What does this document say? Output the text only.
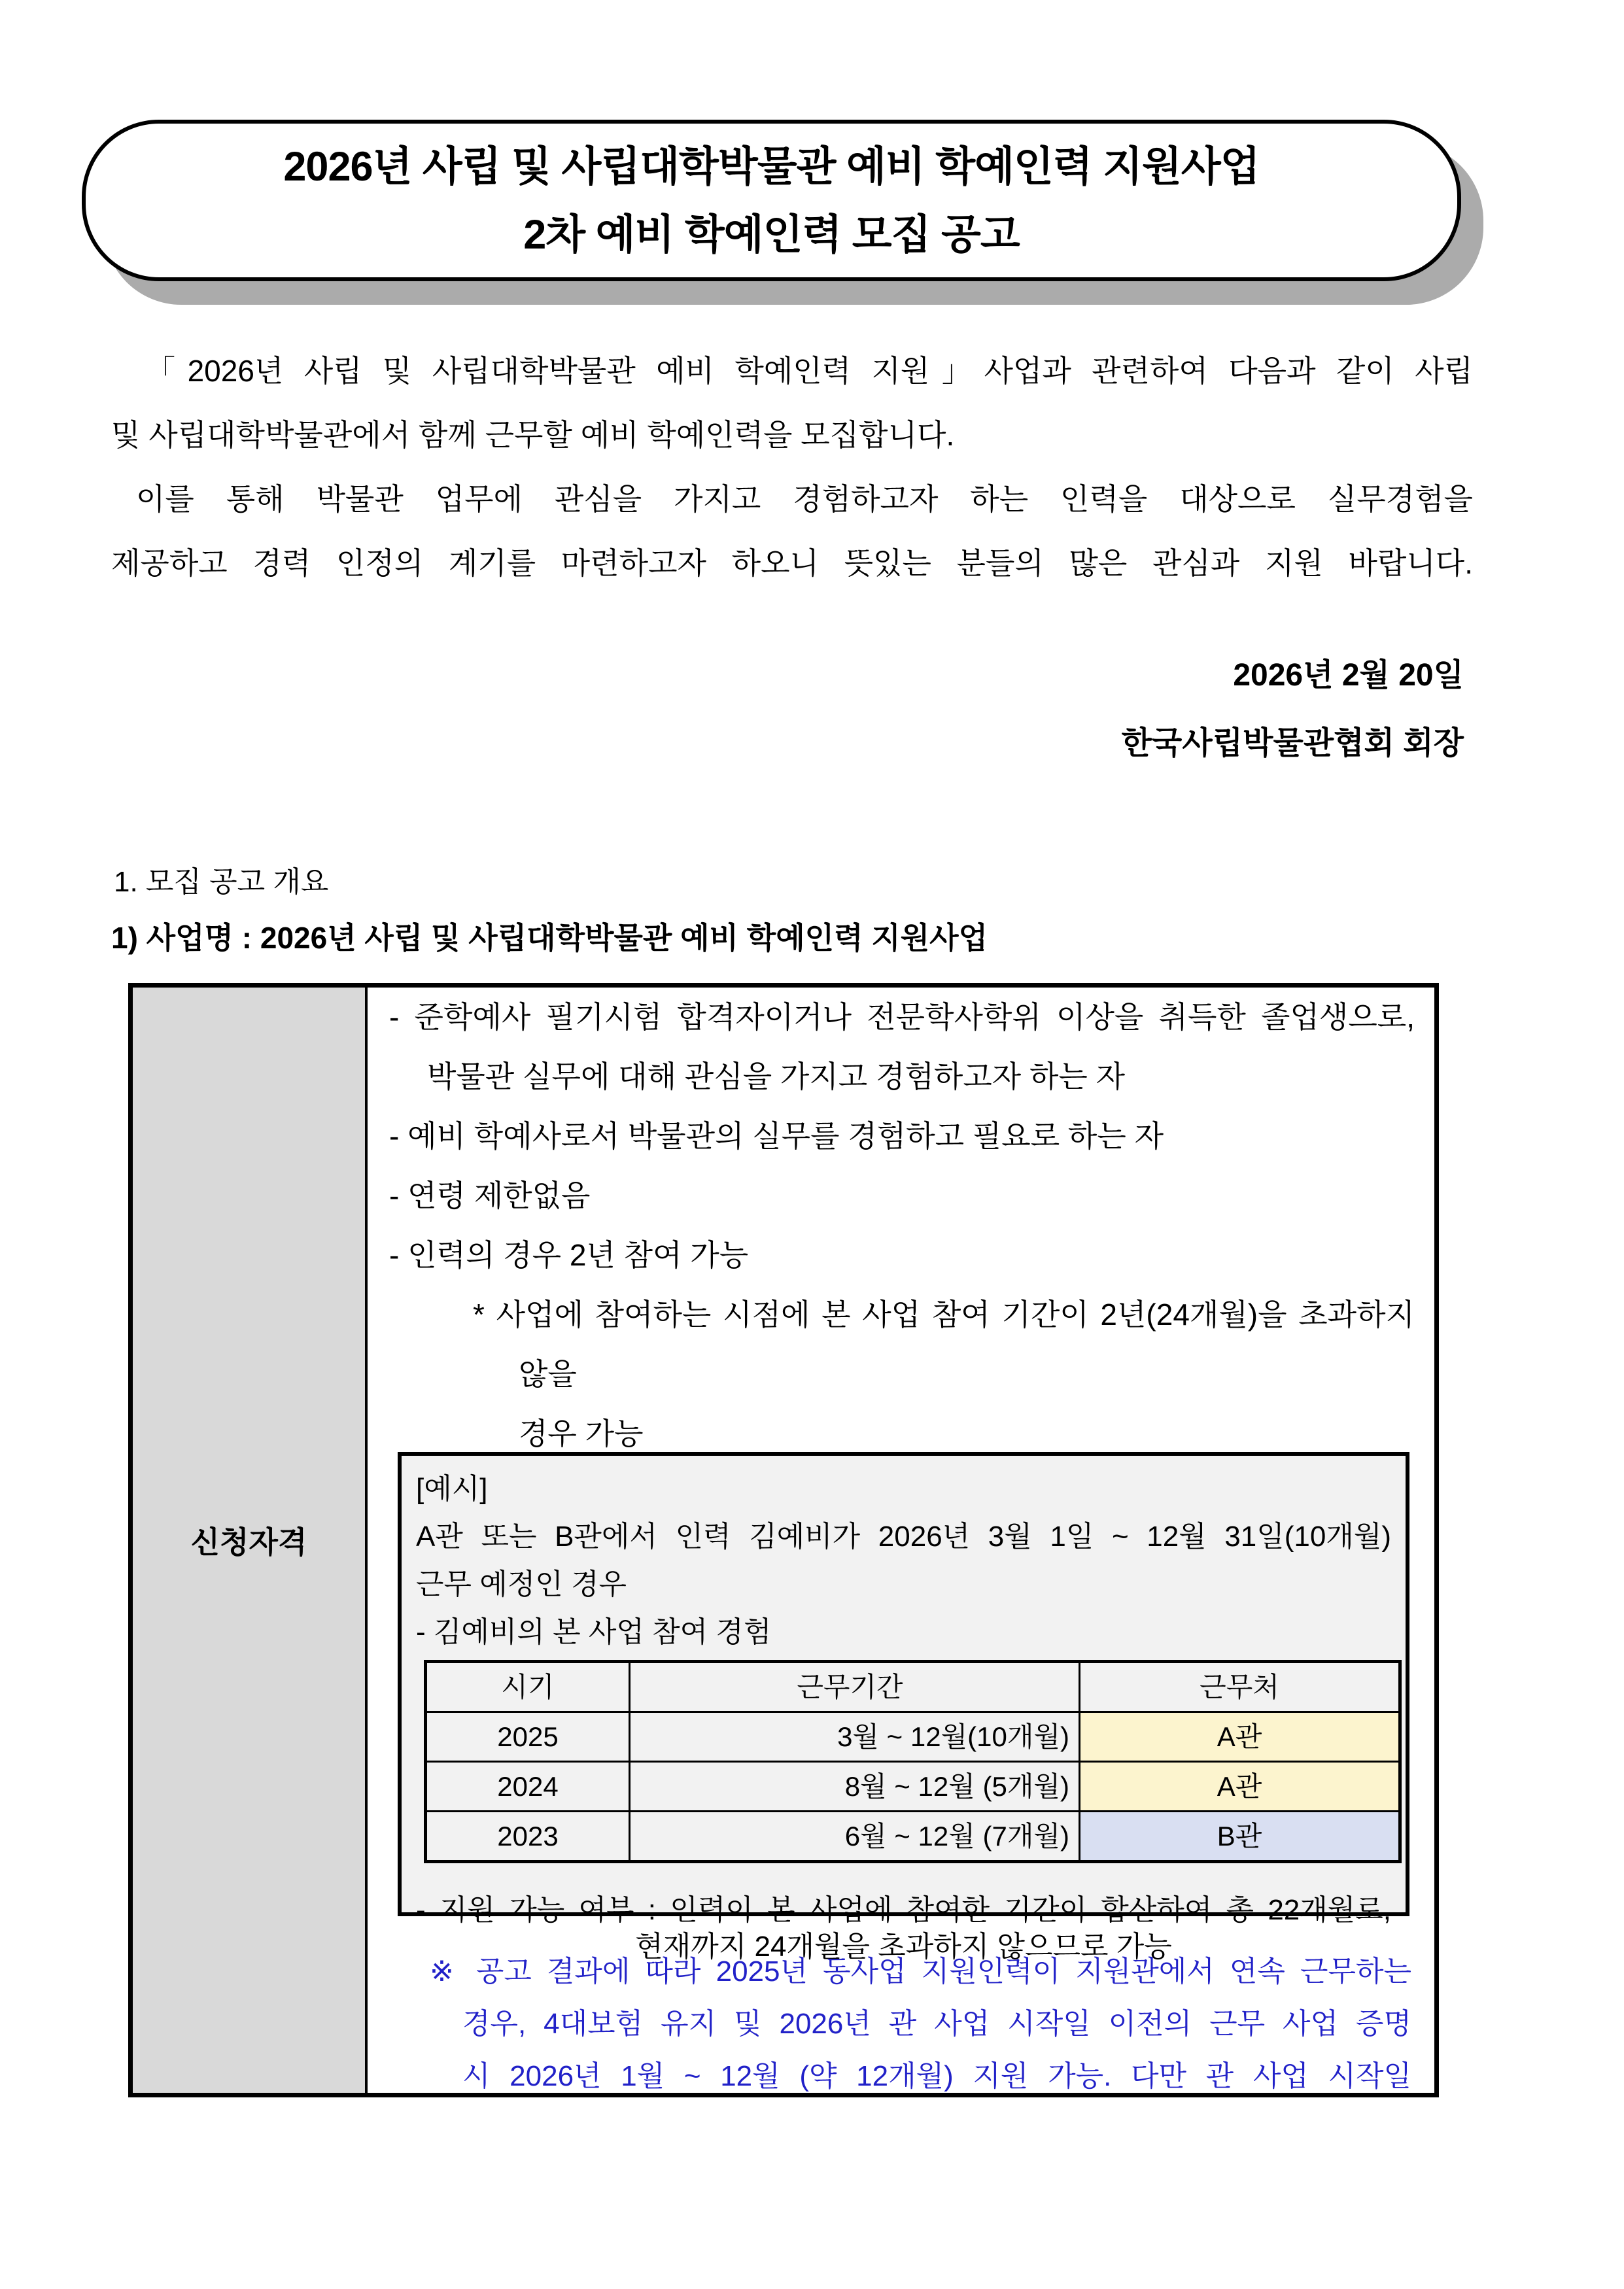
2026년 사립 및 사립대학박물관 예비 학예인력 지원사업
2차 예비 학예인력 모집 공고
「2026년 사립 및 사립대학박물관 예비 학예인력 지원」사업과 관련하여 다음과 같이 사립
및 사립대학박물관에서 함께 근무할 예비 학예인력을 모집합니다.
이를 통해 박물관 업무에 관심을 가지고 경험하고자 하는 인력을 대상으로 실무경험을
제공하고 경력 인정의 계기를 마련하고자 하오니 뜻있는 분들의 많은 관심과 지원 바랍니다.
2026년 2월 20일
한국사립박물관협회 회장
1. 모집 공고 개요
1) 사업명 : 2026년 사립 및 사립대학박물관 예비 학예인력 지원사업
신청자격
- 준학예사 필기시험 합격자이거나 전문학사학위 이상을 취득한 졸업생으로,
박물관 실무에 대해 관심을 가지고 경험하고자 하는 자
- 예비 학예사로서 박물관의 실무를 경험하고 필요로 하는 자
- 연령 제한없음
- 인력의 경우 2년 참여 가능
* 사업에 참여하는 시점에 본 사업 참여 기간이 2년(24개월)을 초과하지 않을
경우 가능
[예시]
A관 또는 B관에서 인력 김예비가 2026년 3월 1일 ~ 12월 31일(10개월)
근무 예정인 경우
- 김예비의 본 사업 참여 경험
시기	근무기간	근무처
2025	3월 ~ 12월(10개월)	A관
2024	8월 ~ 12월 (5개월)	A관
2023	6월 ~ 12월 (7개월)	B관
- 지원 가능 여부 : 인력이 본 사업에 참여한 기간이 합산하여 총 22개월로,
현재까지 24개월을 초과하지 않으므로 가능
※ 공고 결과에 따라 2025년 동사업 지원인력이 지원관에서 연속 근무하는
경우, 4대보험 유지 및 2026년 관 사업 시작일 이전의 근무 사업 증명
시 2026년 1월 ~ 12월 (약 12개월) 지원 가능. 다만 관 사업 시작일
